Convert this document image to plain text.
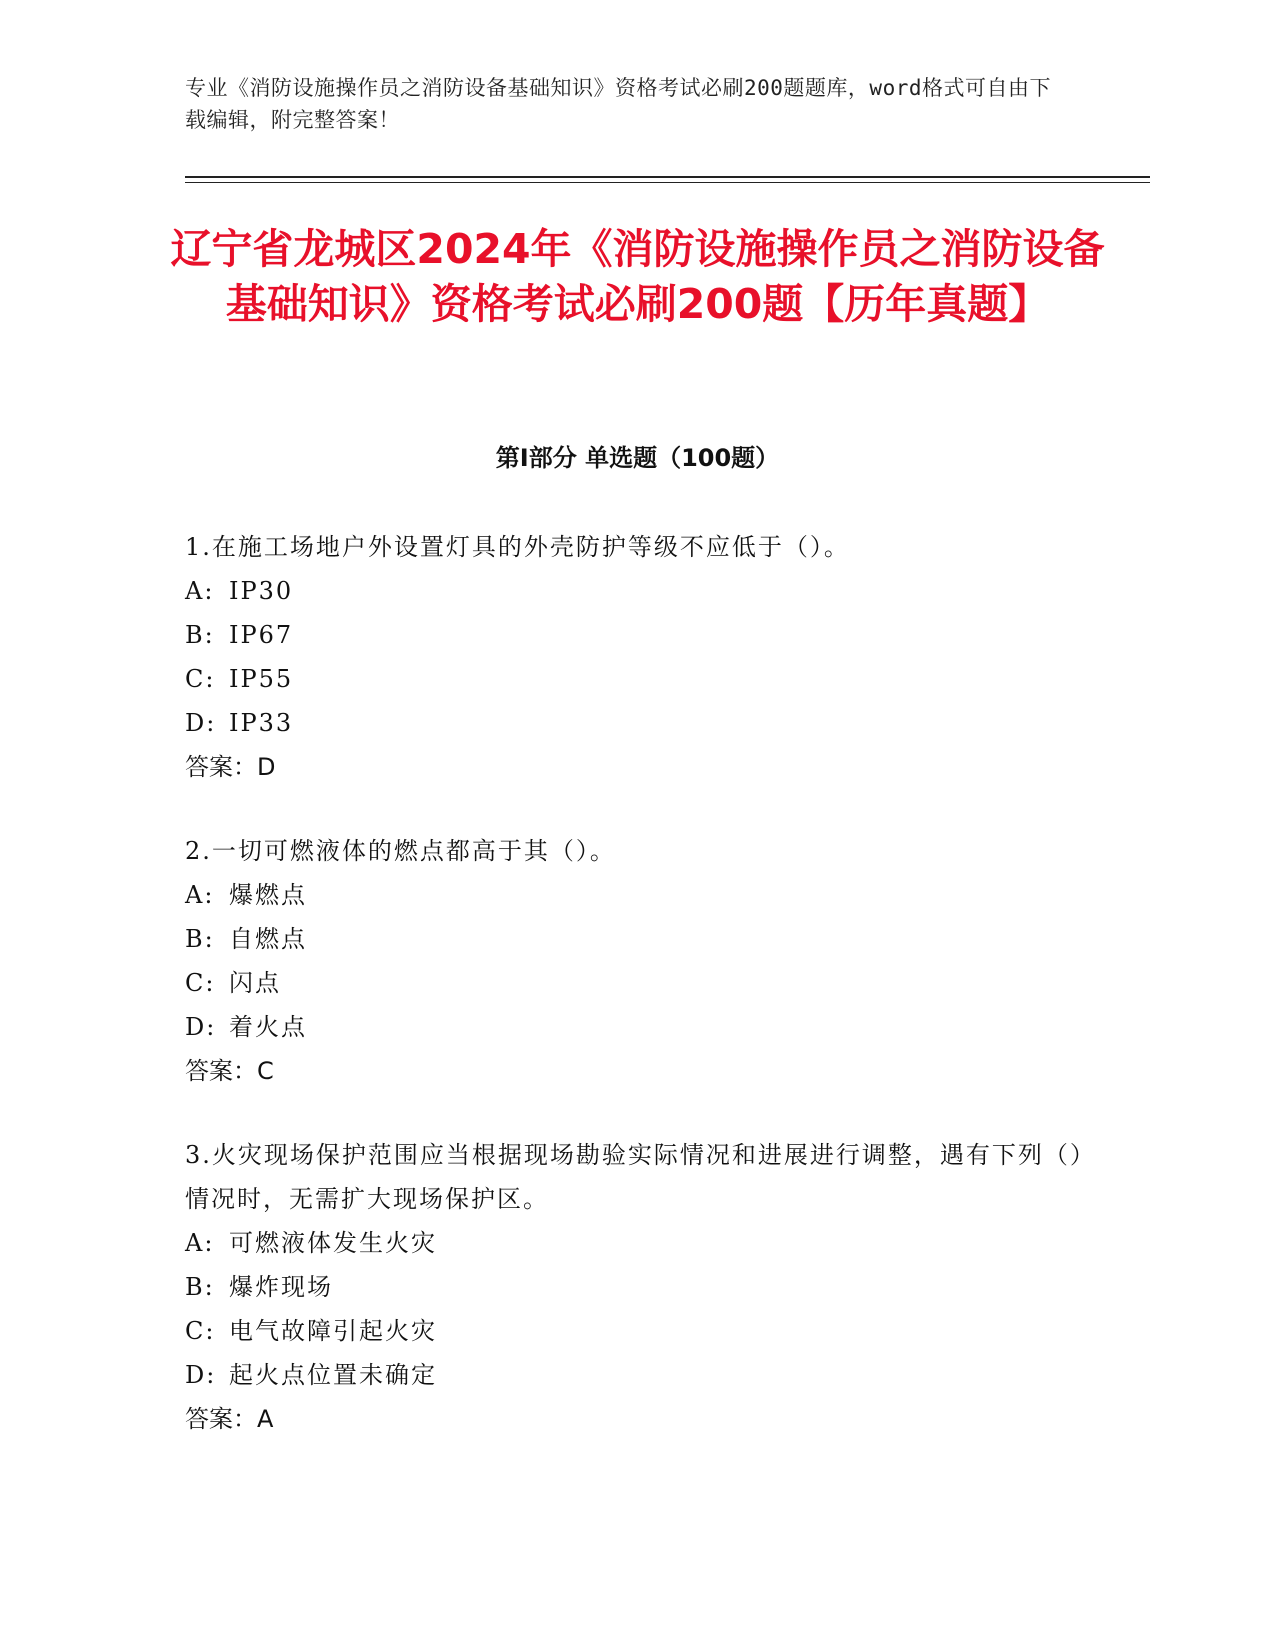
专业《消防设施操作员之消防设备基础知识》资格考试必刷200题题库，word格式可自由下载编辑，附完整答案！
辽宁省龙城区2024年《消防设施操作员之消防设备基础知识》资格考试必刷200题【历年真题】
第Ⅰ部分 单选题（100题）

1.在施工场地户外设置灯具的外壳防护等级不应低于（）。

A: IP30

B: IP67

C: IP55

D: IP33

答案：D

2.一切可燃液体的燃点都高于其（）。

A: 爆燃点

B: 自燃点

C: 闪点

D: 着火点

答案：C

3.火灾现场保护范围应当根据现场勘验实际情况和进展进行调整，遇有下列（）情况时，无需扩大现场保护区。

A: 可燃液体发生火灾

B: 爆炸现场

C: 电气故障引起火灾

D: 起火点位置未确定

答案：A
